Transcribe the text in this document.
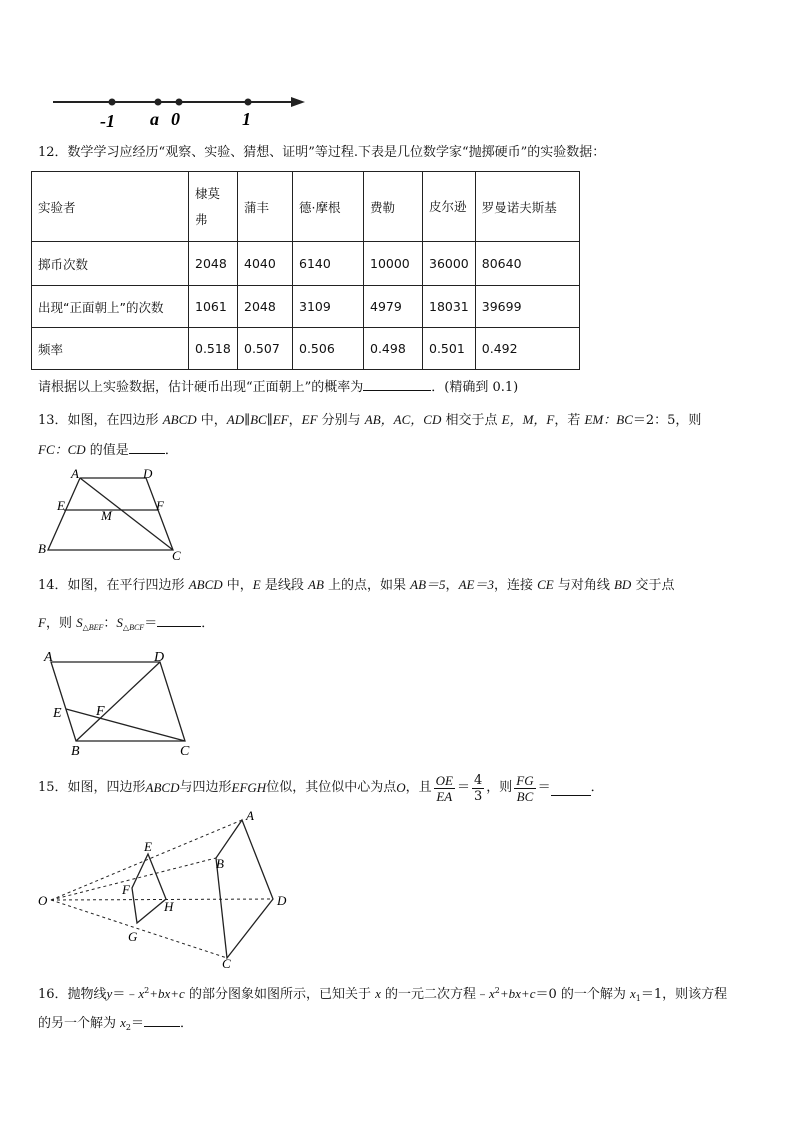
-1 a 0	1
12．数学学习应经历“观察、实验、猜想、证明”等过程.下表是几位数学家“抛掷硬币”的实验数据：
实验者	棣莫弗	蒲丰	德·摩根	费勒	皮尔逊	罗曼诺夫斯基
掷币次数	2048	4040	6140	10000	36000	80640
出现“正面朝上”的次数	1061	2048	3109	4979	18031	39699
频率	0.518	0.507	0.506	0.498	0.501	0.492
请根据以上实验数据，估计硬币出现“正面朝上”的概率为	．(精确到 0.1)
13．如图，在四边形 ABCD 中，AD∥BC∥EF，EF 分别与 AB，AC，CD 相交于点 E，M，F，若 EM：BC＝2：5，则
FC：CD 的值是	．
A	D
E
M
F
B	C
14．如图，在平行四边形 ABCD 中，E 是线段 AB 上的点，如果 AB＝5，AE＝3，连接 CE 与对角线 BD 交于点
F，则 $S_{\triangle BEF}$：$S_{\triangle BCF}=$	．
A	D
E F
B	C
15．如图，四边形 ABCD 与四边形 EFGH 位似，其位似中心为点 O ，且 $\frac{OE}{EA} = \frac{4}{3}$ ，则 $\frac{FG}{BC}$ ＝	．
O
A
E
B
F
H	D
G
C
16．抛物线$y=﹣x^2+bx+c$ 的部分图象如图所示，已知关于 x 的一元二次方程$﹣x^2+bx+c=0$ 的一个解为 $x_1=1$，则该方程
的另一个解为 $x_2=$	．
